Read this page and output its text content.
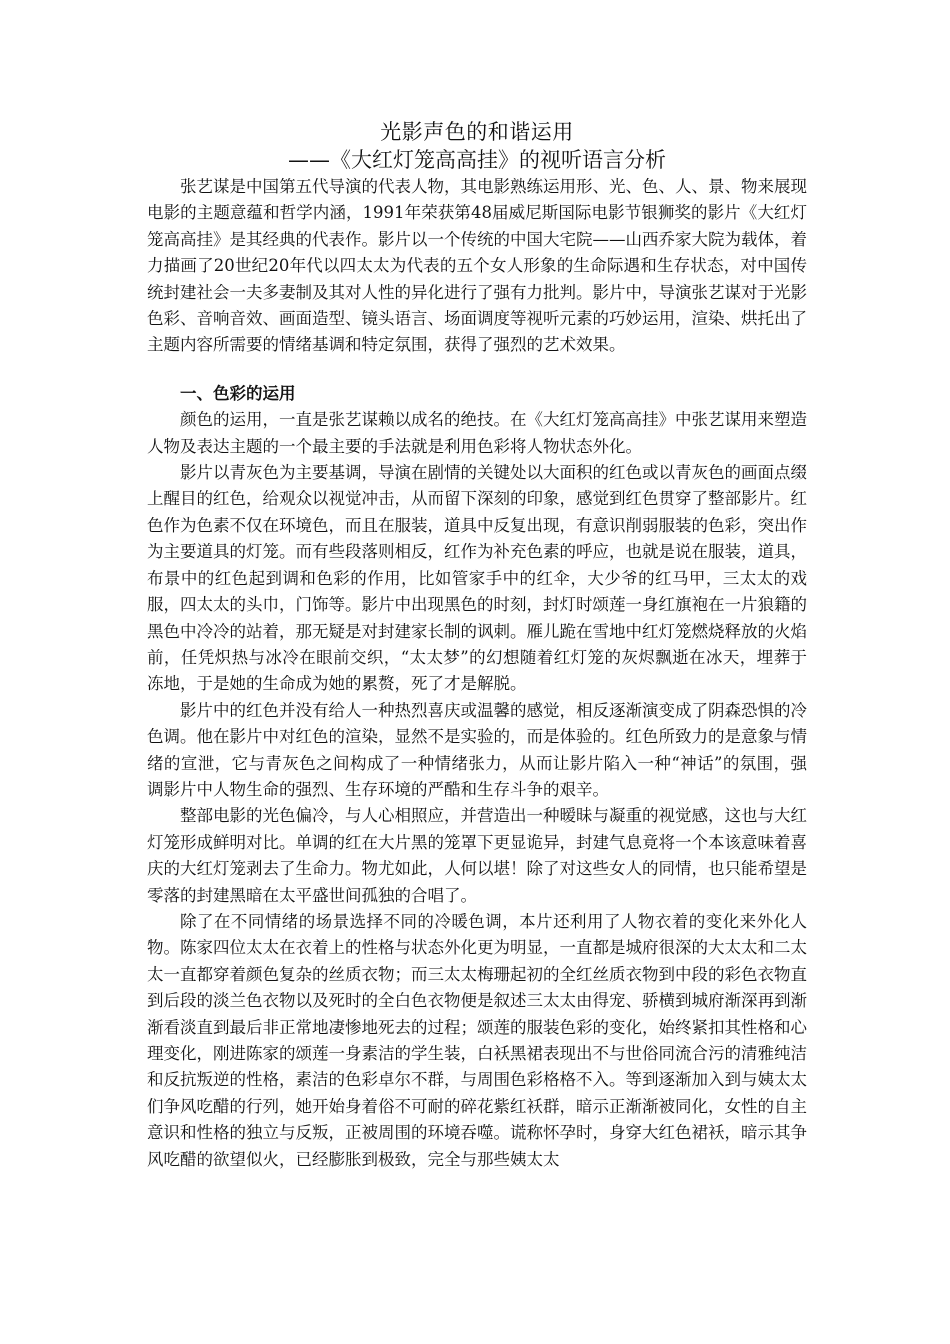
光影声色的和谐运用
——《大红灯笼高高挂》的视听语言分析

张艺谋是中国第五代导演的代表人物，其电影熟练运用形、光、色、人、景、物来展现电影的主题意蕴和哲学内涵，1991年荣获第48届威尼斯国际电影节银狮奖的影片《大红灯笼高高挂》是其经典的代表作。影片以一个传统的中国大宅院——山西乔家大院为载体，着力描画了20世纪20年代以四太太为代表的五个女人形象的生命际遇和生存状态，对中国传统封建社会一夫多妻制及其对人性的异化进行了强有力批判。影片中，导演张艺谋对于光影色彩、音响音效、画面造型、镜头语言、场面调度等视听元素的巧妙运用，渲染、烘托出了主题内容所需要的情绪基调和特定氛围，获得了强烈的艺术效果。

一、色彩的运用

颜色的运用，一直是张艺谋赖以成名的绝技。在《大红灯笼高高挂》中张艺谋用来塑造人物及表达主题的一个最主要的手法就是利用色彩将人物状态外化。

影片以青灰色为主要基调，导演在剧情的关键处以大面积的红色或以青灰色的画面点缀上醒目的红色，给观众以视觉冲击，从而留下深刻的印象，感觉到红色贯穿了整部影片。红色作为色素不仅在环境色，而且在服装，道具中反复出现，有意识削弱服装的色彩，突出作为主要道具的灯笼。而有些段落则相反，红作为补充色素的呼应，也就是说在服装，道具，布景中的红色起到调和色彩的作用，比如管家手中的红伞，大少爷的红马甲，三太太的戏服，四太太的头巾，门饰等。影片中出现黑色的时刻，封灯时颂莲一身红旗袍在一片狼籍的黑色中冷冷的站着，那无疑是对封建家长制的讽刺。雁儿跪在雪地中红灯笼燃烧释放的火焰前，任凭炽热与冰冷在眼前交织，“太太梦”的幻想随着红灯笼的灰烬飘逝在冰天，埋葬于冻地，于是她的生命成为她的累赘，死了才是解脱。

影片中的红色并没有给人一种热烈喜庆或温馨的感觉，相反逐渐演变成了阴森恐惧的冷色调。他在影片中对红色的渲染，显然不是实验的，而是体验的。红色所致力的是意象与情绪的宣泄，它与青灰色之间构成了一种情绪张力，从而让影片陷入一种“神话”的氛围，强调影片中人物生命的强烈、生存环境的严酷和生存斗争的艰辛。

整部电影的光色偏冷，与人心相照应，并营造出一种暧昧与凝重的视觉感，这也与大红灯笼形成鲜明对比。单调的红在大片黑的笼罩下更显诡异，封建气息竟将一个本该意味着喜庆的大红灯笼剥去了生命力。物尤如此，人何以堪！除了对这些女人的同情，也只能希望是零落的封建黑暗在太平盛世间孤独的合唱了。

除了在不同情绪的场景选择不同的冷暖色调，本片还利用了人物衣着的变化来外化人物。陈家四位太太在衣着上的性格与状态外化更为明显，一直都是城府很深的大太太和二太太一直都穿着颜色复杂的丝质衣物；而三太太梅珊起初的全红丝质衣物到中段的彩色衣物直到后段的淡兰色衣物以及死时的全白色衣物便是叙述三太太由得宠、骄横到城府渐深再到渐渐看淡直到最后非正常地凄惨地死去的过程；颂莲的服装色彩的变化，始终紧扣其性格和心理变化，刚进陈家的颂莲一身素洁的学生装，白袄黑裙表现出不与世俗同流合污的清雅纯洁和反抗叛逆的性格，素洁的色彩卓尔不群，与周围色彩格格不入。等到逐渐加入到与姨太太们争风吃醋的行列，她开始身着俗不可耐的碎花紫红袄群，暗示正渐渐被同化，女性的自主意识和性格的独立与反叛，正被周围的环境吞噬。谎称怀孕时，身穿大红色裙袄，暗示其争风吃醋的欲望似火，已经膨胀到极致，完全与那些姨太太
